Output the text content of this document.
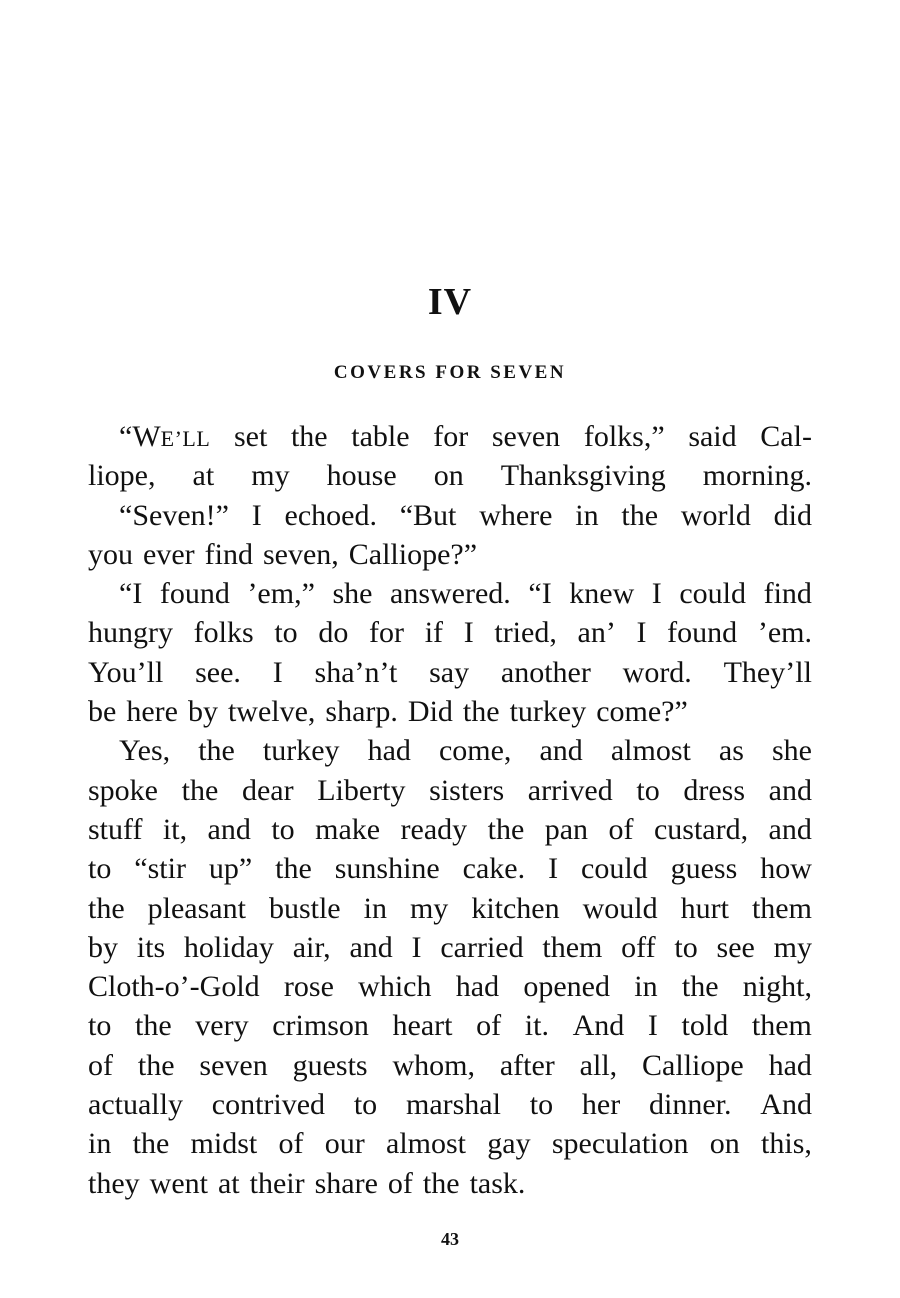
IV
COVERS FOR SEVEN
“WE’LL set the table for seven folks,” said Cal-
liope, at my house on Thanksgiving morning.
“Seven!” I echoed. “But where in the world did
you ever find seven, Calliope?”
“I found ’em,” she answered. “I knew I could find
hungry folks to do for if I tried, an’ I found ’em.
You’ll see. I sha’n’t say another word. They’ll
be here by twelve, sharp. Did the turkey come?”
Yes, the turkey had come, and almost as she
spoke the dear Liberty sisters arrived to dress and
stuff it, and to make ready the pan of custard, and
to “stir up” the sunshine cake. I could guess how
the pleasant bustle in my kitchen would hurt them
by its holiday air, and I carried them off to see my
Cloth-o’-Gold rose which had opened in the night,
to the very crimson heart of it. And I told them
of the seven guests whom, after all, Calliope had
actually contrived to marshal to her dinner. And
in the midst of our almost gay speculation on this,
they went at their share of the task.
43
